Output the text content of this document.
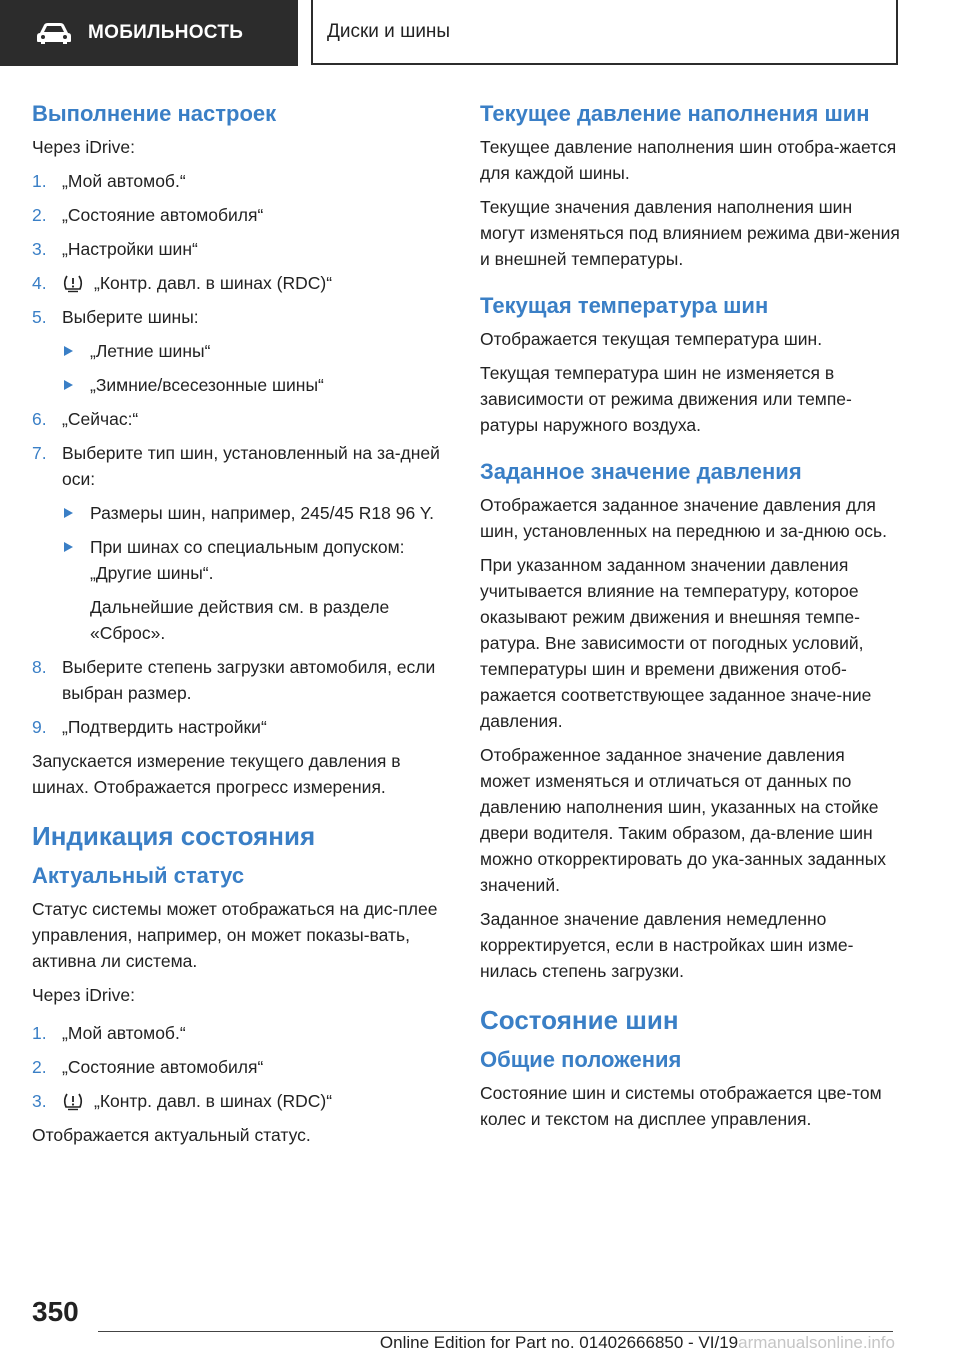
МОБИЛЬНОСТЬ	Диски и шины
Выполнение настроек

Через iDrive:

1. „Мой автомоб.“
2. „Состояние автомобиля“
3. „Настройки шин“
4.	„Контр. давл. в шинах (RDC)“
5. Выберите шины:
„Летние шины“
„Зимние/всесезонные шины“
6. „Сейчас:“
7. Выберите тип шин, установленный на за-дней оси:
Размеры шин, например, 245/45 R18 96 Y.
При шинах со специальным допуском: „Другие шины“.

Дальнейшие действия см. в разделе «Сброс».

8. Выберите степень загрузки автомобиля, если выбран размер.
9. „Подтвердить настройки“

Запускается измерение текущего давления в шинах. Отображается прогресс измерения.

Индикация состояния
Актуальный статус

Статус системы может отображаться на дис-плее управления, например, он может показы-вать, активна ли система.

Через iDrive:

1. „Мой автомоб.“
2. „Состояние автомобиля“
3.	„Контр. давл. в шинах (RDC)“

Отображается актуальный статус.

Текущее давление наполнения шин

Текущее давление наполнения шин отобра-жается для каждой шины.

Текущие значения давления наполнения шин могут изменяться под влиянием режима дви-жения и внешней температуры.

Текущая температура шин

Отображается текущая температура шин.

Текущая температура шин не изменяется в зависимости от режима движения или темпе-ратуры наружного воздуха.

Заданное значение давления

Отображается заданное значение давления для шин, установленных на переднюю и за-днюю ось.

При указанном заданном значении давления учитывается влияние на температуру, которое оказывают режим движения и внешняя темпе-ратура. Вне зависимости от погодных условий, температуры шин и времени движения отоб-ражается соответствующее заданное значе-ние давления.

Отображенное заданное значение давления может изменяться и отличаться от данных по давлению наполнения шин, указанных на стойке двери водителя. Таким образом, да-вление шин можно откорректировать до ука-занных заданных значений.

Заданное значение давления немедленно корректируется, если в настройках шин изме-нилась степень загрузки.

Состояние шин
Общие положения

Состояние шин и системы отображается цве-том колес и текстом на дисплее управления.

350
Online Edition for Part no. 01402666850 - VI/19armanualsonline.info
